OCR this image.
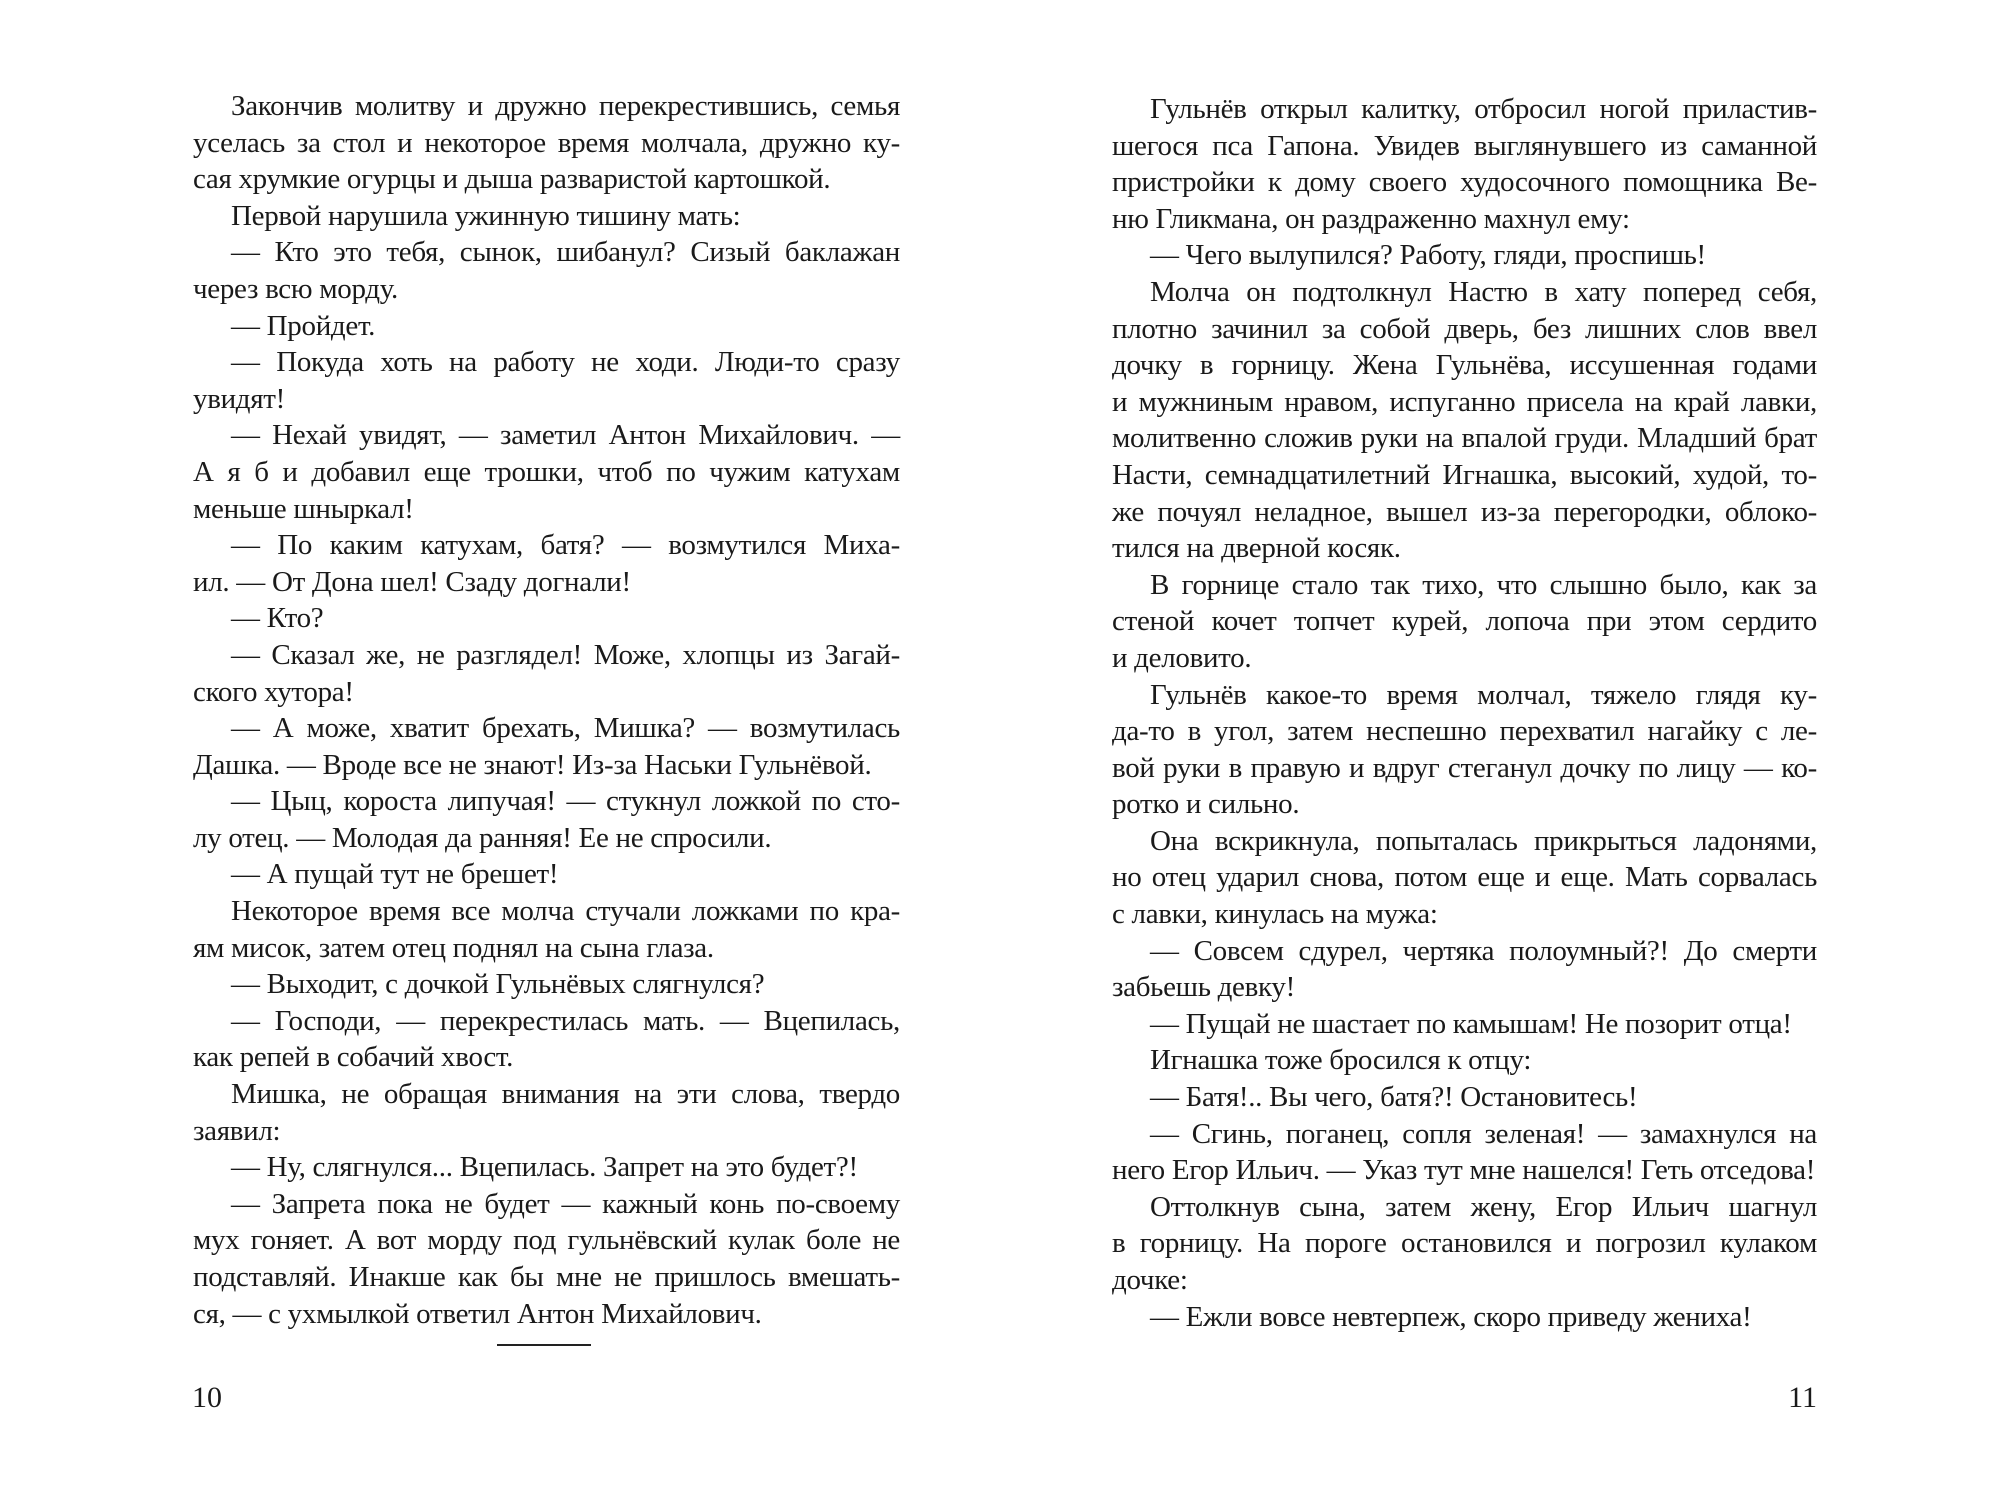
Закончив молитву и дружно перекрестившись, семья
уселась за стол и некоторое время молчала, дружно ку-
сая хрумкие огурцы и дыша разваристой картошкой.
Первой нарушила ужинную тишину мать:
— Кто это тебя, сынок, шибанул? Сизый баклажан
через всю морду.
— Пройдет.
— Покуда хоть на работу не ходи. Люди-то сразу
увидят!
— Нехай увидят, — заметил Антон Михайлович. —
А я б и добавил еще трошки, чтоб по чужим катухам
меньше шныркал!
— По каким катухам, батя? — возмутился Миха-
ил. — От Дона шел! Сзаду догнали!
— Кто?
— Сказал же, не разглядел! Може, хлопцы из Загай-
ского хутора!
— А може, хватит брехать, Мишка? — возмутилась
Дашка. — Вроде все не знают! Из-за Наськи Гульнёвой.
— Цыц, короста липучая! — стукнул ложкой по сто-
лу отец. — Молодая да ранняя! Ее не спросили.
— А пущай тут не брешет!
Некоторое время все молча стучали ложками по кра-
ям мисок, затем отец поднял на сына глаза.
— Выходит, с дочкой Гульнёвых слягнулся?
— Господи, — перекрестилась мать. — Вцепилась,
как репей в собачий хвост.
Мишка, не обращая внимания на эти слова, твердо
заявил:
— Ну, слягнулся... Вцепилась. Запрет на это будет?!
— Запрета пока не будет — кажный конь по-своему
мух гоняет. А вот морду под гульнёвский кулак боле не
подставляй. Инакше как бы мне не пришлось вмешать-
ся, — с ухмылкой ответил Антон Михайлович.
10
Гульнёв открыл калитку, отбросил ногой приластив-
шегося пса Гапона. Увидев выглянувшего из саманной
пристройки к дому своего худосочного помощника Ве-
ню Гликмана, он раздраженно махнул ему:
— Чего вылупился? Работу, гляди, проспишь!
Молча он подтолкнул Настю в хату поперед себя,
плотно зачинил за собой дверь, без лишних слов ввел
дочку в горницу. Жена Гульнёва, иссушенная годами
и мужниным нравом, испуганно присела на край лавки,
молитвенно сложив руки на впалой груди. Младший брат
Насти, семнадцатилетний Игнашка, высокий, худой, то-
же почуял неладное, вышел из-за перегородки, облоко-
тился на дверной косяк.
В горнице стало так тихо, что слышно было, как за
стеной кочет топчет курей, лопоча при этом сердито
и деловито.
Гульнёв какое-то время молчал, тяжело глядя ку-
да-то в угол, затем неспешно перехватил нагайку с ле-
вой руки в правую и вдруг стеганул дочку по лицу — ко-
ротко и сильно.
Она вскрикнула, попыталась прикрыться ладонями,
но отец ударил снова, потом еще и еще. Мать сорвалась
с лавки, кинулась на мужа:
— Совсем сдурел, чертяка полоумный?! До смерти
забьешь девку!
— Пущай не шастает по камышам! Не позорит отца!
Игнашка тоже бросился к отцу:
— Батя!.. Вы чего, батя?! Остановитесь!
— Сгинь, поганец, сопля зеленая! — замахнулся на
него Егор Ильич. — Указ тут мне нашелся! Геть отседова!
Оттолкнув сына, затем жену, Егор Ильич шагнул
в горницу. На пороге остановился и погрозил кулаком
дочке:
— Ежли вовсе невтерпеж, скоро приведу жениха!
11
